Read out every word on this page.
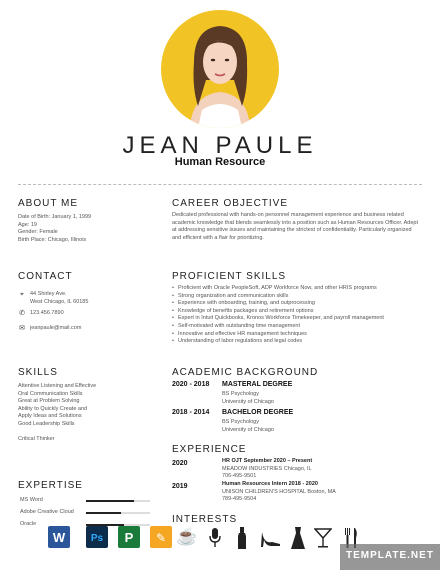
JEAN PAULE
Human Resource
ABOUT ME
Date of Birth: January 1, 1999
Age: 19
Gender: Female
Birth Place: Chicago, Illinois
CAREER OBJECTIVE
Dedicated professional with hands-on personnel management experience and business related academic knowledge that blends seamlessly into a position such as Human Resources Officer. Adept at addressing sensitive issues and maintaining the strictest of confidentiality. Particularly organized and efficient with a flair for prioritizing.
CONTACT
⌖ 44 Shirley Ave.
West Chicago, IL 60185
✆ 123.456.7890
✉ jeanpaule@mail.com
PROFICIENT SKILLS
• Proficient with Oracle PeopleSoft, ADP Workforce Now, and other HRIS programs
• Strong organization and communication skills
• Experience with onboarding, training, and outprocessing
• Knowledge of benefits packages and retirement options
• Expert in Intuit Quickbooks, Kronos Workforce Timekeeper, and payroll management
• Self-motivated with outstanding time management
• Innovative and effective HR management techniques
• Understanding of labor regulations and legal codes
SKILLS
Attentive Listening and Effective
Oral Communication Skills
Great at Problem Solving
Ability to Quickly Create and
Apply Ideas and Solutions
Good Leadership Skills
Critical Thinker
ACADEMIC BACKGROUND
2020 - 2018 MASTERAL DEGREE
BS Psychology
University of Chicago
2018 - 2014 BACHELOR DEGREE
BS Psychology
University of Chicago
EXPERIENCE
2020	HR OJT September 2020 – Present
MEADOW INDUSTRIES Chicago, IL
706-495-9501
2019	Human Resources Intern 2018 - 2020
UNISON CHILDREN'S HOSPITAL Boston, MA
789-495-9504
EXPERTISE
MS Word
Adobe Creative Cloud
Oracle	INTERESTS
W	Ps P ✎ ☕
TEMPLATE.NET
